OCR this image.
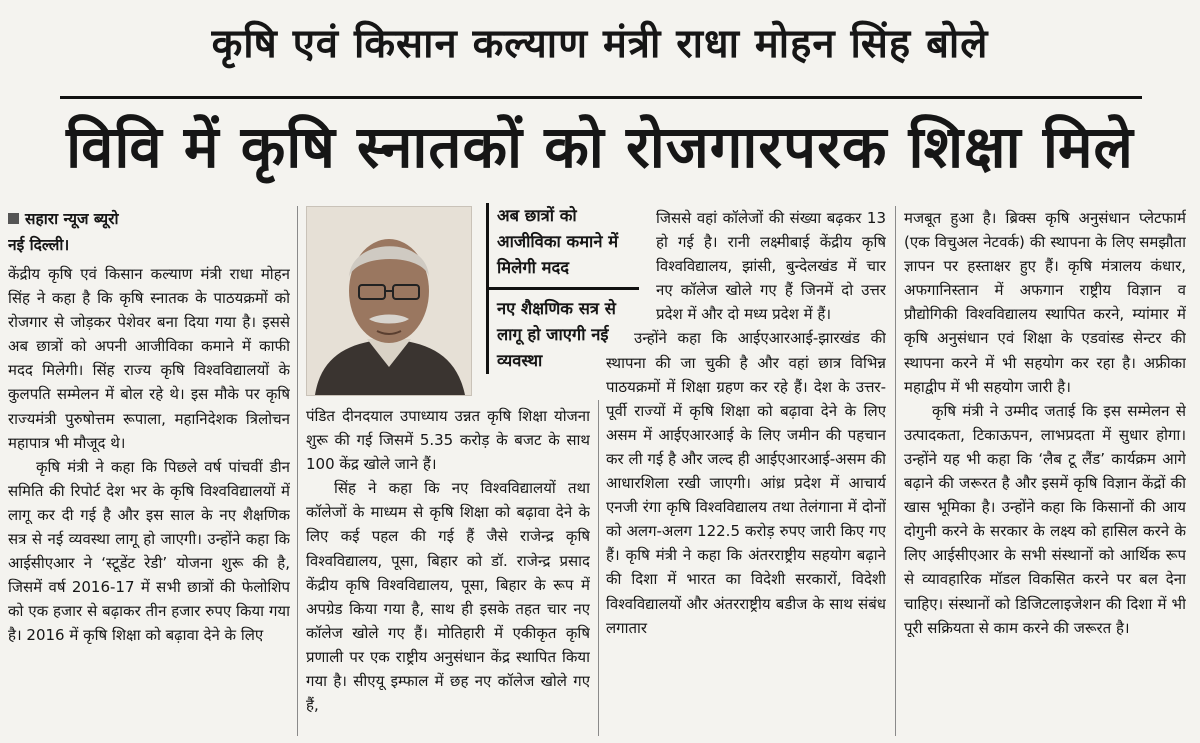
कृषि एवं किसान कल्याण मंत्री राधा मोहन सिंह बोले
विवि में कृषि स्नातकों को रोजगारपरक शिक्षा मिले
सहारा न्यूज ब्यूरो
नई दिल्ली।

केंद्रीय कृषि एवं किसान कल्याण मंत्री राधा मोहन सिंह ने कहा है कि कृषि स्नातक के पाठयक्रमों को रोजगार से जोड़कर पेशेवर बना दिया गया है। इससे अब छात्रों को अपनी आजीविका कमाने में काफी मदद मिलेगी। सिंह राज्य कृषि विश्वविद्यालयों के कुलपति सम्मेलन में बोल रहे थे। इस मौके पर कृषि राज्यमंत्री पुरुषोत्तम रूपाला, महानिदेशक त्रिलोचन महापात्र भी मौजूद थे।

कृषि मंत्री ने कहा कि पिछले वर्ष पांचवीं डीन समिति की रिपोर्ट देश भर के कृषि विश्वविद्यालयों में लागू कर दी गई है और इस साल के नए शैक्षणिक सत्र से नई व्यवस्था लागू हो जाएगी। उन्होंने कहा कि आईसीएआर ने ‘स्टूडेंट रेडी’ योजना शुरू की है, जिसमें वर्ष 2016-17 में सभी छात्रों की फेलोशिप को एक हजार से बढ़ाकर तीन हजार रुपए किया गया है। 2016 में कृषि शिक्षा को बढ़ावा देने के लिए

अब छात्रों को आजीविका कमाने में मिलेगी मदद
नए शैक्षणिक सत्र से लागू हो जाएगी नई व्यवस्था

पंडित दीनदयाल उपाध्याय उन्नत कृषि शिक्षा योजना शुरू की गई जिसमें 5.35 करोड़ के बजट के साथ 100 केंद्र खोले जाने हैं।

सिंह ने कहा कि नए विश्वविद्यालयों तथा कॉलेजों के माध्यम से कृषि शिक्षा को बढ़ावा देने के लिए कई पहल की गई हैं जैसे राजेन्द्र कृषि विश्वविद्यालय, पूसा, बिहार को डॉ. राजेन्द्र प्रसाद केंद्रीय कृषि विश्वविद्यालय, पूसा, बिहार के रूप में अपग्रेड किया गया है, साथ ही इसके तहत चार नए कॉलेज खोले गए हैं। मोतिहारी में एकीकृत कृषि प्रणाली पर एक राष्ट्रीय अनुसंधान केंद्र स्थापित किया गया है। सीएयू इम्फाल में छह नए कॉलेज खोले गए हैं,

जिससे वहां कॉलेजों की संख्या बढ़कर 13 हो गई है। रानी लक्ष्मीबाई केंद्रीय कृषि विश्वविद्यालय, झांसी, बुन्देलखंड में चार नए कॉलेज खोले गए हैं जिनमें दो उत्तर प्रदेश में और दो मध्य प्रदेश में हैं।

उन्होंने कहा कि आईएआरआई-झारखंड की स्थापना की जा चुकी है और वहां छात्र विभिन्न पाठयक्रमों में शिक्षा ग्रहण कर रहे हैं। देश के उत्तर-पूर्वी राज्यों में कृषि शिक्षा को बढ़ावा देने के लिए असम में आईएआरआई के लिए जमीन की पहचान कर ली गई है और जल्द ही आईएआरआई-असम की आधारशिला रखी जाएगी। आंध्र प्रदेश में आचार्य एनजी रंगा कृषि विश्वविद्यालय तथा तेलंगाना में दोनों को अलग-अलग 122.5 करोड़ रुपए जारी किए गए हैं। कृषि मंत्री ने कहा कि अंतरराष्ट्रीय सहयोग बढ़ाने की दिशा में भारत का विदेशी सरकारों, विदेशी विश्वविद्यालयों और अंतरराष्ट्रीय बडीज के साथ संबंध लगातार

मजबूत हुआ है। ब्रिक्स कृषि अनुसंधान प्लेटफार्म (एक विचुअल नेटवर्क) की स्थापना के लिए समझौता ज्ञापन पर हस्ताक्षर हुए हैं। कृषि मंत्रालय कंधार, अफगानिस्तान में अफगान राष्ट्रीय विज्ञान व प्रौद्योगिकी विश्वविद्यालय स्थापित करने, म्यांमार में कृषि अनुसंधान एवं शिक्षा के एडवांस्ड सेन्टर की स्थापना करने में भी सहयोग कर रहा है। अफ्रीका महाद्वीप में भी सहयोग जारी है।

कृषि मंत्री ने उम्मीद जताई कि इस सम्मेलन से उत्पादकता, टिकाऊपन, लाभप्रदता में सुधार होगा। उन्होंने यह भी कहा कि ‘लैब टू लैंड’ कार्यक्रम आगे बढ़ाने की जरूरत है और इसमें कृषि विज्ञान केंद्रों की खास भूमिका है। उन्होंने कहा कि किसानों की आय दोगुनी करने के सरकार के लक्ष्य को हासिल करने के लिए आईसीएआर के सभी संस्थानों को आर्थिक रूप से व्यावहारिक मॉडल विकसित करने पर बल देना चाहिए। संस्थानों को डिजिटलाइजेशन की दिशा में भी पूरी सक्रियता से काम करने की जरूरत है।
